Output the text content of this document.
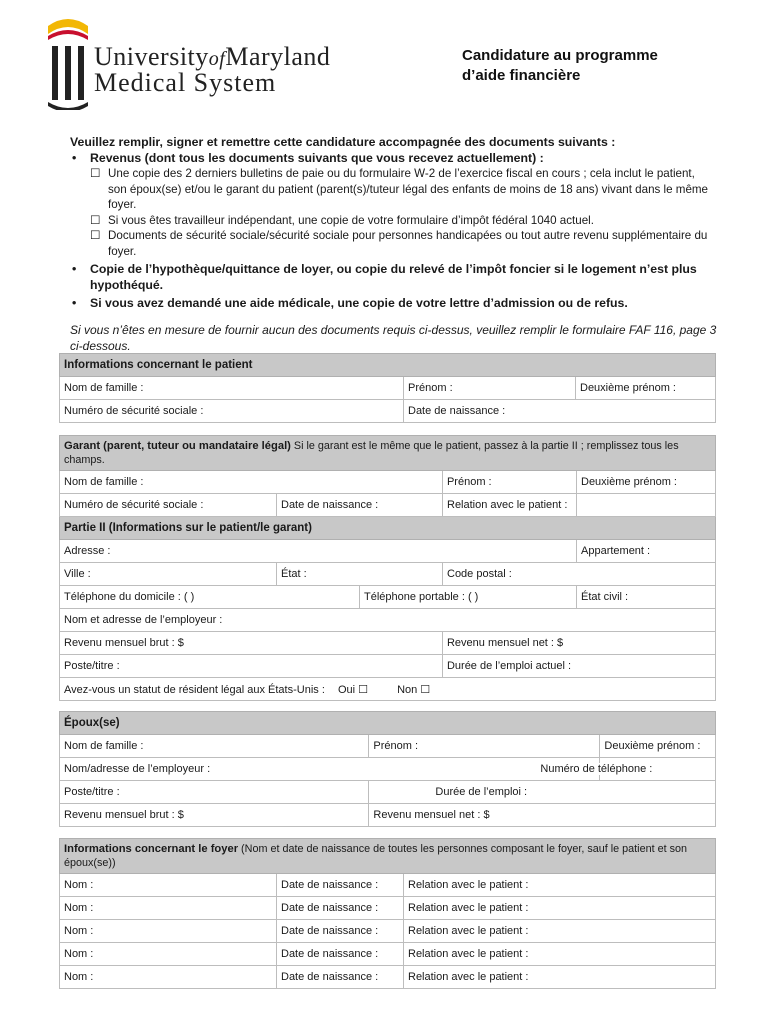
UniversityofMaryland
Medical System
Candidature au programme
d’aide financière
Veuillez remplir, signer et remettre cette candidature accompagnée des documents suivants :
• Revenus (dont tous les documents suivants que vous recevez actuellement) :
☐ Une copie des 2 derniers bulletins de paie ou du formulaire W-2 de l’exercice fiscal en cours ; cela inclut le patient, son époux(se) et/ou le garant du patient (parent(s)/tuteur légal des enfants de moins de 18 ans) vivant dans le même foyer.
☐ Si vous êtes travailleur indépendant, une copie de votre formulaire d’impôt fédéral 1040 actuel.
☐ Documents de sécurité sociale/sécurité sociale pour personnes handicapées ou tout autre revenu supplémentaire du foyer.
• Copie de l’hypothèque/quittance de loyer, ou copie du relevé de l’impôt foncier si le logement n’est plus hypothéqué.
• Si vous avez demandé une aide médicale, une copie de votre lettre d’admission ou de refus.
Si vous n’êtes en mesure de fournir aucun des documents requis ci-dessus, veuillez remplir le formulaire FAF 116, page 3 ci-dessous.
Informations concernant le patient		
Nom de famille :	Prénom :	Deuxième prénom :
Numéro de sécurité sociale :	Date de naissance :	
Garant (parent, tuteur ou mandataire légal) Si le garant est le même que le patient, passez à la partie II ; remplissez tous les champs.				
Nom de famille :			Prénom :	Deuxième prénom :
Numéro de sécurité sociale :	Date de naissance :		Relation avec le patient :	
Partie II (Informations sur le patient/le garant)				
Adresse :				Appartement :
Ville :	État :		Code postal :	
Téléphone du domicile : ( )		Téléphone portable : ( )		État civil :
Nom et adresse de l’employeur :				
Revenu mensuel brut : $			Revenu mensuel net : $	
Poste/titre :			Durée de l’emploi actuel :	
Avez-vous un statut de résident légal aux États-Unis : Oui ☐ Non ☐				
Époux(se)		
Nom de famille :	Prénom :	Deuxième prénom :
Nom/adresse de l’employeur :		Numéro de téléphone :
Poste/titre :	Durée de l’emploi :	
Revenu mensuel brut : $	Revenu mensuel net : $	
Informations concernant le foyer (Nom et date de naissance de toutes les personnes composant le foyer, sauf le patient et son époux(se))		
Nom :	Date de naissance :	Relation avec le patient :
Nom :	Date de naissance :	Relation avec le patient :
Nom :	Date de naissance :	Relation avec le patient :
Nom :	Date de naissance :	Relation avec le patient :
Nom :	Date de naissance :	Relation avec le patient :
